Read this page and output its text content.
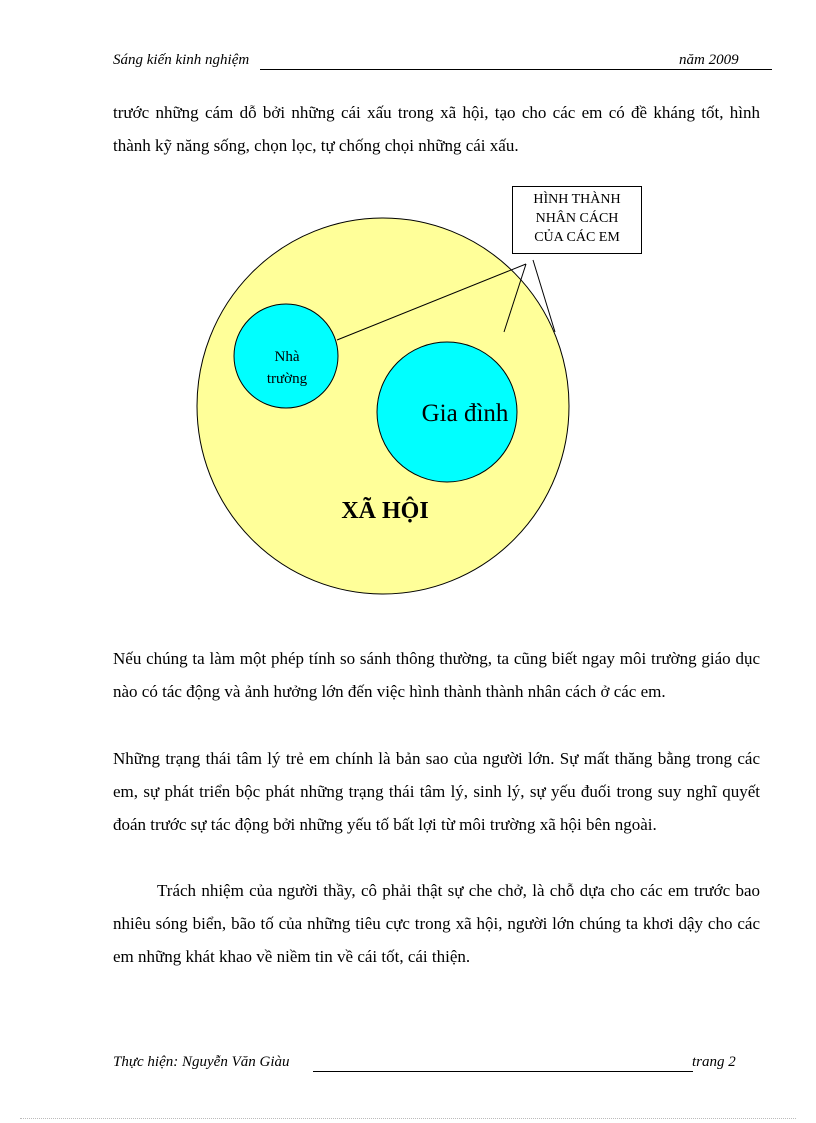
Sáng kiến kinh nghiệm	năm 2009

trước những cám dỗ bởi những cái xấu trong xã hội, tạo cho các em có đề kháng tốt, hình thành kỹ năng sống, chọn lọc, tự chống chọi những cái xấu.

HÌNH THÀNH
NHÂN CÁCH
CỦA CÁC EM
Nhà
trường
Gia đình
XÃ HỘI

Nếu chúng ta làm một phép tính so sánh thông thường, ta cũng biết ngay môi trường giáo dục nào có tác động và ảnh hưởng lớn đến việc hình thành thành nhân cách ở các em.

Những trạng thái tâm lý trẻ em chính là bản sao của người lớn. Sự mất thăng bằng trong các em, sự phát triển bộc phát những trạng thái tâm lý, sinh lý, sự yếu đuối trong suy nghĩ quyết đoán trước sự tác động bởi những yếu tố bất lợi từ môi trường xã hội bên ngoài.

Trách nhiệm của người thầy, cô phải thật sự che chở, là chỗ dựa cho các em trước bao nhiêu sóng biển, bão tố của những tiêu cực trong xã hội, người lớn chúng ta khơi dậy cho các em những khát khao về niềm tin về cái tốt, cái thiện.

Thực hiện: Nguyễn Văn Giàu	trang 2
